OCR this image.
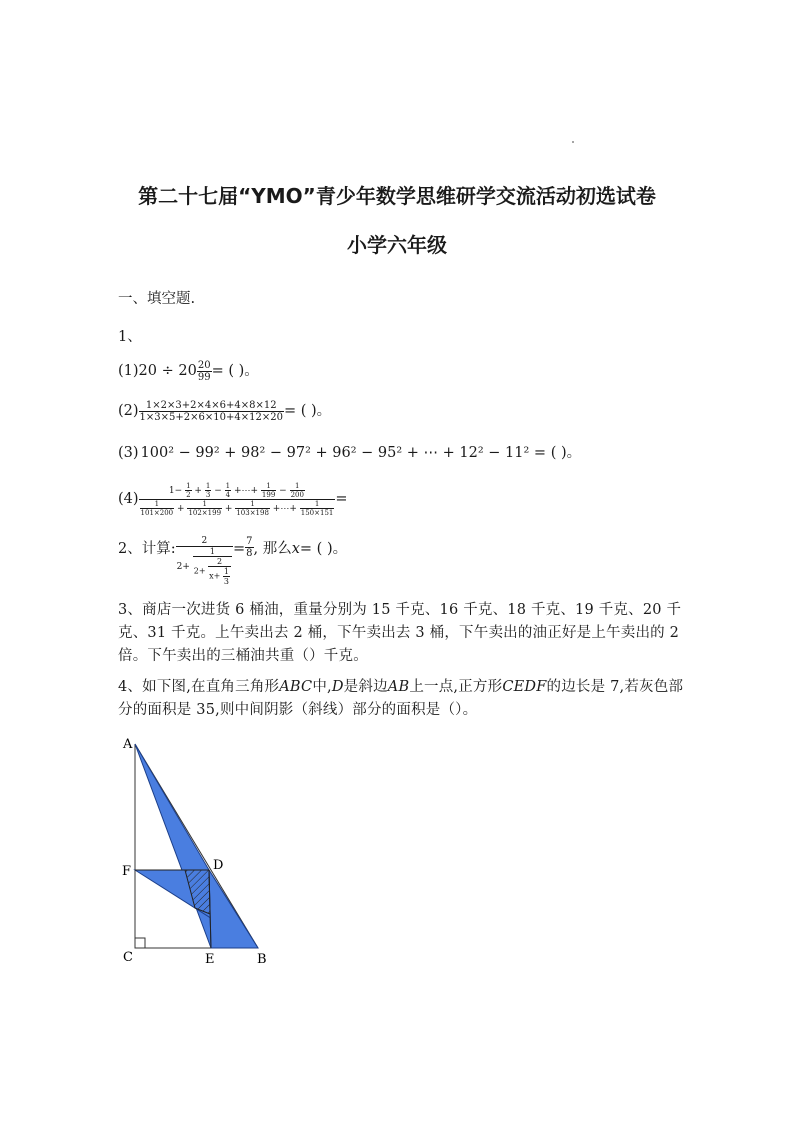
第二十七届“YMO”青少年数学思维研学交流活动初选试卷
小学六年级
一、填空题.
1、
(1) $20 \div 20 \frac{20}{99}$ = ( )。
$(2) \frac{1\times 2\times 3+2\times 4\times 6+4\times 8\times 12}{1\times 3\times 5+2\times 6\times 10+4\times 12\times 20}$ = ( )。
(3) 100² − 99² + 98² − 97² + 96² − 95² + ⋯ + 12² − 11² = ( )。
(4)	$1- \frac{1}{2} + \frac{1}{3} - \frac{1}{4}$ +⋯+ $\frac{1}{199} - \frac{1}{200}$
$\frac{1}{101\times 200} + \frac{1}{102\times 199} + \frac{1}{103\times 198}$ +⋯+ $\frac{1}{150\times 151}$
=
2、计算:	2
2+
1
$2+ \frac{2}{x+ \frac{1}{3}}$
= $\frac{7}{8}$ , 那么 x = ( )。
3、商店一次进货 6 桶油，重量分别为 15 千克、16 千克、18 千克、19 千克、20 千克、31 千克。上午卖出去 2 桶，下午卖出去 3 桶，下午卖出的油正好是上午卖出的 2 倍。下午卖出的三桶油共重（）千克。
4、如下图,在直角三角形ABC中,D是斜边AB上一点,正方形CEDF的边长是 7,若灰色部分的面积是 35,则中间阴影（斜线）部分的面积是（）。
A
F	D
C	E	B
